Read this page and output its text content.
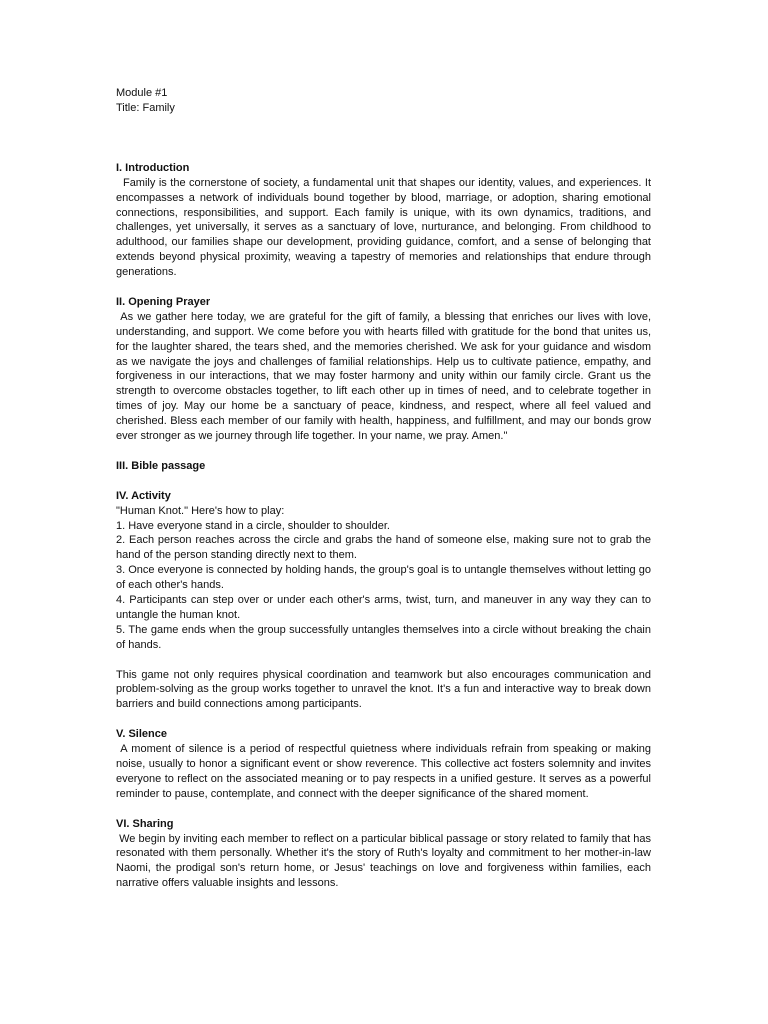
Module #1
Title: Family

I. Introduction

Family is the cornerstone of society, a fundamental unit that shapes our identity, values, and experiences. It encompasses a network of individuals bound together by blood, marriage, or adoption, sharing emotional connections, responsibilities, and support. Each family is unique, with its own dynamics, traditions, and challenges, yet universally, it serves as a sanctuary of love, nurturance, and belonging. From childhood to adulthood, our families shape our development, providing guidance, comfort, and a sense of belonging that extends beyond physical proximity, weaving a tapestry of memories and relationships that endure through generations.

II. Opening Prayer

As we gather here today, we are grateful for the gift of family, a blessing that enriches our lives with love, understanding, and support. We come before you with hearts filled with gratitude for the bond that unites us, for the laughter shared, the tears shed, and the memories cherished. We ask for your guidance and wisdom as we navigate the joys and challenges of familial relationships. Help us to cultivate patience, empathy, and forgiveness in our interactions, that we may foster harmony and unity within our family circle. Grant us the strength to overcome obstacles together, to lift each other up in times of need, and to celebrate together in times of joy. May our home be a sanctuary of peace, kindness, and respect, where all feel valued and cherished. Bless each member of our family with health, happiness, and fulfillment, and may our bonds grow ever stronger as we journey through life together. In your name, we pray. Amen."

III. Bible passage

IV. Activity

"Human Knot." Here's how to play:

1. Have everyone stand in a circle, shoulder to shoulder.

2. Each person reaches across the circle and grabs the hand of someone else, making sure not to grab the hand of the person standing directly next to them.

3. Once everyone is connected by holding hands, the group's goal is to untangle themselves without letting go of each other's hands.

4. Participants can step over or under each other's arms, twist, turn, and maneuver in any way they can to untangle the human knot.

5. The game ends when the group successfully untangles themselves into a circle without breaking the chain of hands.

This game not only requires physical coordination and teamwork but also encourages communication and problem-solving as the group works together to unravel the knot. It's a fun and interactive way to break down barriers and build connections among participants.

V. Silence

A moment of silence is a period of respectful quietness where individuals refrain from speaking or making noise, usually to honor a significant event or show reverence. This collective act fosters solemnity and invites everyone to reflect on the associated meaning or to pay respects in a unified gesture. It serves as a powerful reminder to pause, contemplate, and connect with the deeper significance of the shared moment.

VI. Sharing

We begin by inviting each member to reflect on a particular biblical passage or story related to family that has resonated with them personally. Whether it's the story of Ruth's loyalty and commitment to her mother-in-law Naomi, the prodigal son's return home, or Jesus' teachings on love and forgiveness within families, each narrative offers valuable insights and lessons.
